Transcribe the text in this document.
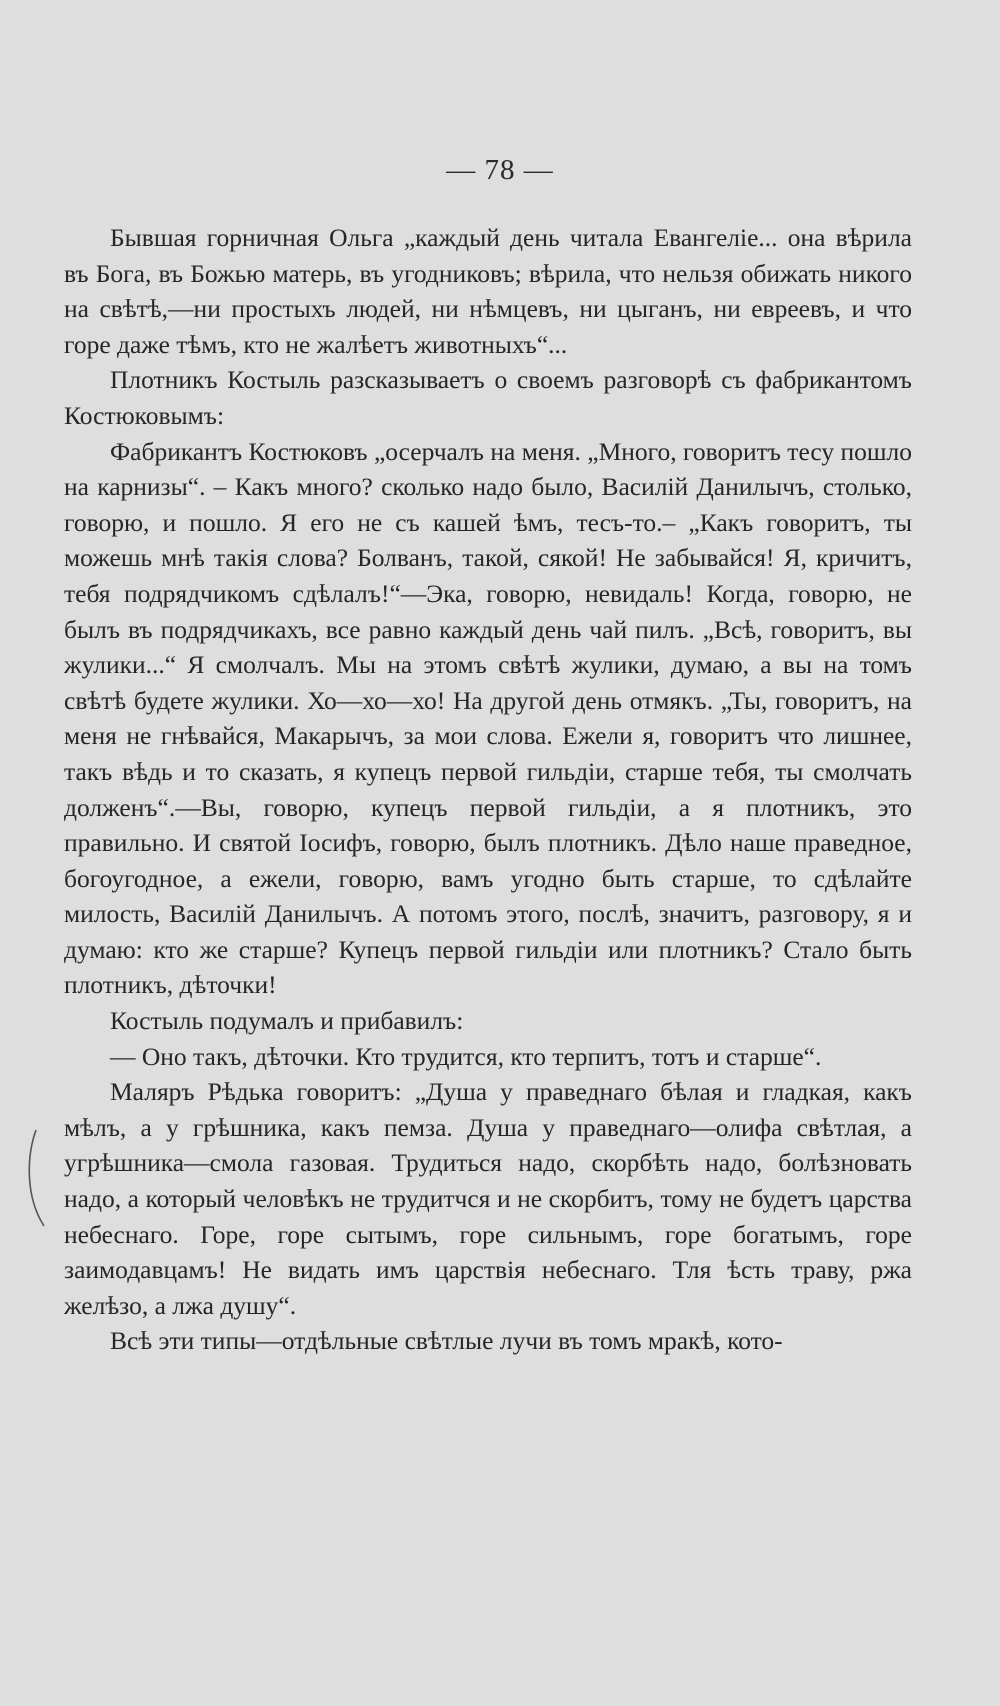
— 78 —

Бывшая горничная Ольга „каждый день читала Евангеліе... она вѣрила въ Бога, въ Божью матерь, въ угодниковъ; вѣрила, что нельзя обижать никого на свѣтѣ,—ни простыхъ людей, ни нѣмцевъ, ни цыганъ, ни евреевъ, и что горе даже тѣмъ, кто не жалѣетъ животныхъ“...

Плотникъ Костыль разсказываетъ о своемъ разговорѣ съ фабрикантомъ Костюковымъ:

Фабрикантъ Костюковъ „осерчалъ на меня. „Много, говоритъ тесу пошло на карнизы“. – Какъ много? сколько надо было, Василій Данилычъ, столько, говорю, и пошло. Я его не съ кашей ѣмъ, тесъ-то.– „Какъ говоритъ, ты можешь мнѣ такія слова? Болванъ, такой, сякой! Не забывайся! Я, кричитъ, тебя подрядчикомъ сдѣлалъ!“—Эка, говорю, невидаль! Когда, говорю, не былъ въ подрядчикахъ, все равно каждый день чай пилъ. „Всѣ, говоритъ, вы жулики...“ Я смолчалъ. Мы на этомъ свѣтѣ жулики, думаю, а вы на томъ свѣтѣ будете жулики. Хо—хо—хо! На другой день отмякъ. „Ты, говоритъ, на меня не гнѣвайся, Макарычъ, за мои слова. Ежели я, говоритъ что лишнее, такъ вѣдь и то сказать, я купецъ первой гильдіи, старше тебя, ты смолчать долженъ“.—Вы, говорю, купецъ первой гильдіи, а я плотникъ, это правильно. И святой Іосифъ, говорю, былъ плотникъ. Дѣло наше праведное, богоугодное, а ежели, говорю, вамъ угодно быть старше, то сдѣлайте милость, Василій Данилычъ. А потомъ этого, послѣ, значитъ, разговору, я и думаю: кто же старше? Купецъ первой гильдіи или плотникъ? Стало быть плотникъ, дѣточки!

Костыль подумалъ и прибавилъ:

— Оно такъ, дѣточки. Кто трудится, кто терпитъ, тотъ и старше“.

Маляръ Рѣдька говоритъ: „Душа у праведнаго бѣлая и гладкая, какъ мѣлъ, а у грѣшника, какъ пемза. Душа у праведнаго—олифа свѣтлая, а угрѣшника—смола газовая. Трудиться надо, скорбѣть надо, болѣзновать надо, а который человѣкъ не трудитчся и не скорбитъ, тому не будетъ царства небеснаго. Горе, горе сытымъ, горе сильнымъ, горе богатымъ, горе заимодавцамъ! Не видать имъ царствія небеснаго. Тля ѣсть траву, ржа желѣзо, а лжа душу“.

Всѣ эти типы—отдѣльные свѣтлые лучи въ томъ мракѣ, кото-
